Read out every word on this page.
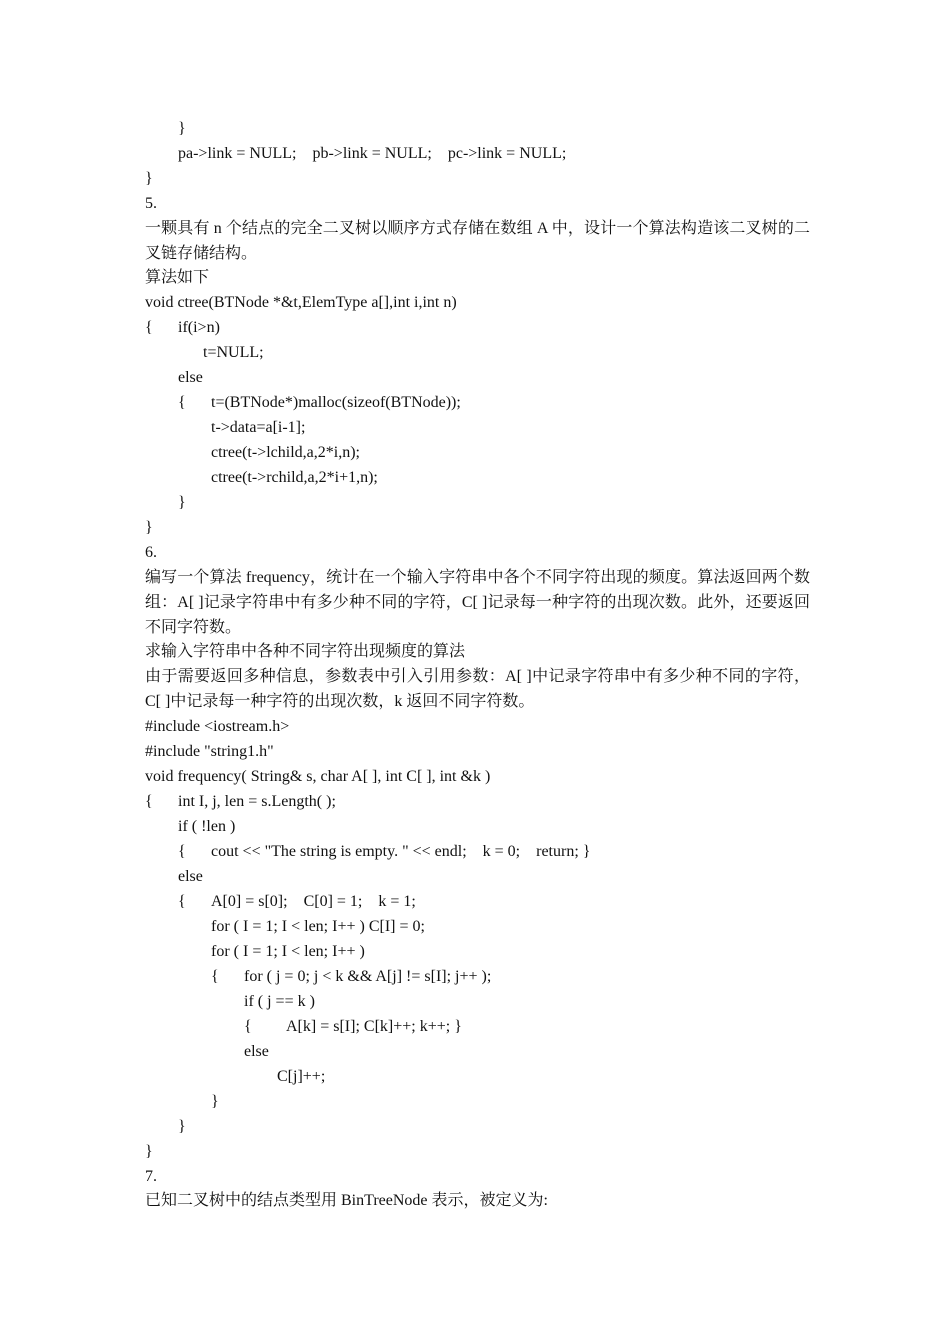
}
pa->link = NULL;    pb->link = NULL;    pc->link = NULL;
}
5.
一颗具有 n 个结点的完全二叉树以顺序方式存储在数组 A 中，设计一个算法构造该二叉树的二叉链存储结构。
算法如下
void ctree(BTNode *&t,ElemType a[],int i,int n)
{ if(i>n)
t=NULL;
else
{ t=(BTNode*)malloc(sizeof(BTNode));
t->data=a[i-1];
ctree(t->lchild,a,2*i,n);
ctree(t->rchild,a,2*i+1,n);
}
}
6.
编写一个算法 frequency，统计在一个输入字符串中各个不同字符出现的频度。算法返回两个数组：A[ ]记录字符串中有多少种不同的字符，C[ ]记录每一种字符的出现次数。此外，还要返回不同字符数。
求输入字符串中各种不同字符出现频度的算法
由于需要返回多种信息，参数表中引入引用参数：A[ ]中记录字符串中有多少种不同的字符，C[ ]中记录每一种字符的出现次数，k 返回不同字符数。
#include <iostream.h>
#include "string1.h"
void frequency( String& s, char A[ ], int C[ ], int &k )
{ int I, j, len = s.Length( );
if ( !len )
{ cout << "The string is empty. " << endl;    k = 0;    return; }
else
{ A[0] = s[0];    C[0] = 1;    k = 1;
for ( I = 1; I < len; I++ ) C[I] = 0;
for ( I = 1; I < len; I++ )
{ for ( j = 0; j < k && A[j] != s[I]; j++ );
if ( j == k )
{ A[k] = s[I]; C[k]++; k++; }
else
C[j]++;
}
}
}
7.
已知二叉树中的结点类型用 BinTreeNode 表示，被定义为:
